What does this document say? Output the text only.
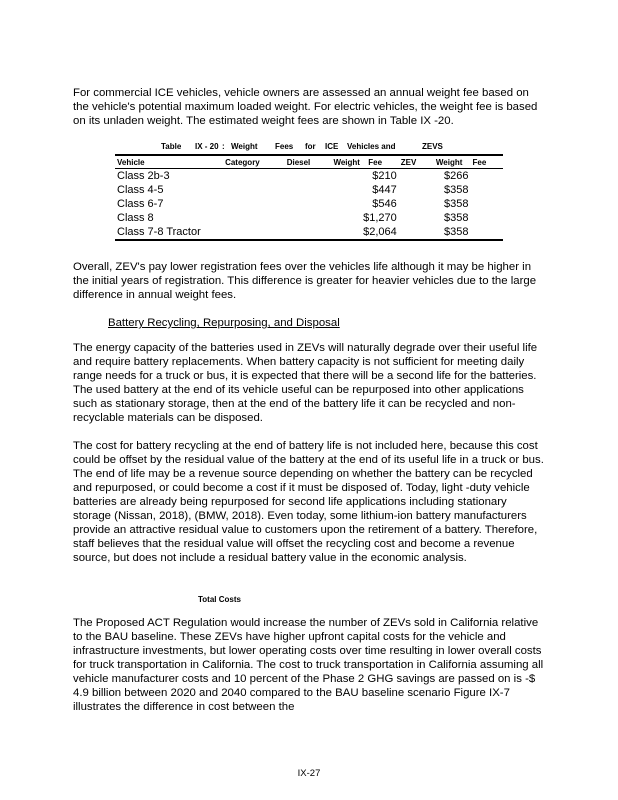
For commercial ICE vehicles, vehicle owners are assessed an annual weight fee based on the vehicle's potential maximum loaded weight. For electric vehicles, the weight fee is based on its unladen weight. The estimated weight fees are shown in Table IX -20.

Table IX - 20 : Weight Fees for ICE Vehicles and	ZEVS
Vehicle	Category	Diesel	Weight	Fee	ZEV	Weight	Fee
Class 2b-3			$210		$266		
Class 4-5			$447		$358		
Class 6-7			$546		$358		
Class 8			$1,270		$358		
Class 7-8 Tractor			$2,064		$358		

Overall, ZEV's pay lower registration fees over the vehicles life although it may be higher in the initial years of registration. This difference is greater for heavier vehicles due to the large difference in annual weight fees.

Battery Recycling, Repurposing, and Disposal

The energy capacity of the batteries used in ZEVs will naturally degrade over their useful life and require battery replacements. When battery capacity is not sufficient for meeting daily range needs for a truck or bus, it is expected that there will be a second life for the batteries. The used battery at the end of its vehicle useful can be repurposed into other applications such as stationary storage, then at the end of the battery life it can be recycled and non-recyclable materials can be disposed.

The cost for battery recycling at the end of battery life is not included here, because this cost could be offset by the residual value of the battery at the end of its useful life in a truck or bus. The end of life may be a revenue source depending on whether the battery can be recycled and repurposed, or could become a cost if it must be disposed of. Today, light -duty vehicle batteries are already being repurposed for second life applications including stationary storage (Nissan, 2018), (BMW, 2018). Even today, some lithium-ion battery manufacturers provide an attractive residual value to customers upon the retirement of a battery. Therefore, staff believes that the residual value will offset the recycling cost and become a revenue source, but does not include a residual battery value in the economic analysis.

Total Costs

The Proposed ACT Regulation would increase the number of ZEVs sold in California relative to the BAU baseline. These ZEVs have higher upfront capital costs for the vehicle and infrastructure investments, but lower operating costs over time resulting in lower overall costs for truck transportation in California. The cost to truck transportation in California assuming all vehicle manufacturer costs and 10 percent of the Phase 2 GHG savings are passed on is -$ 4.9 billion between 2020 and 2040 compared to the BAU baseline scenario Figure IX-7 illustrates the difference in cost between the

IX-27
